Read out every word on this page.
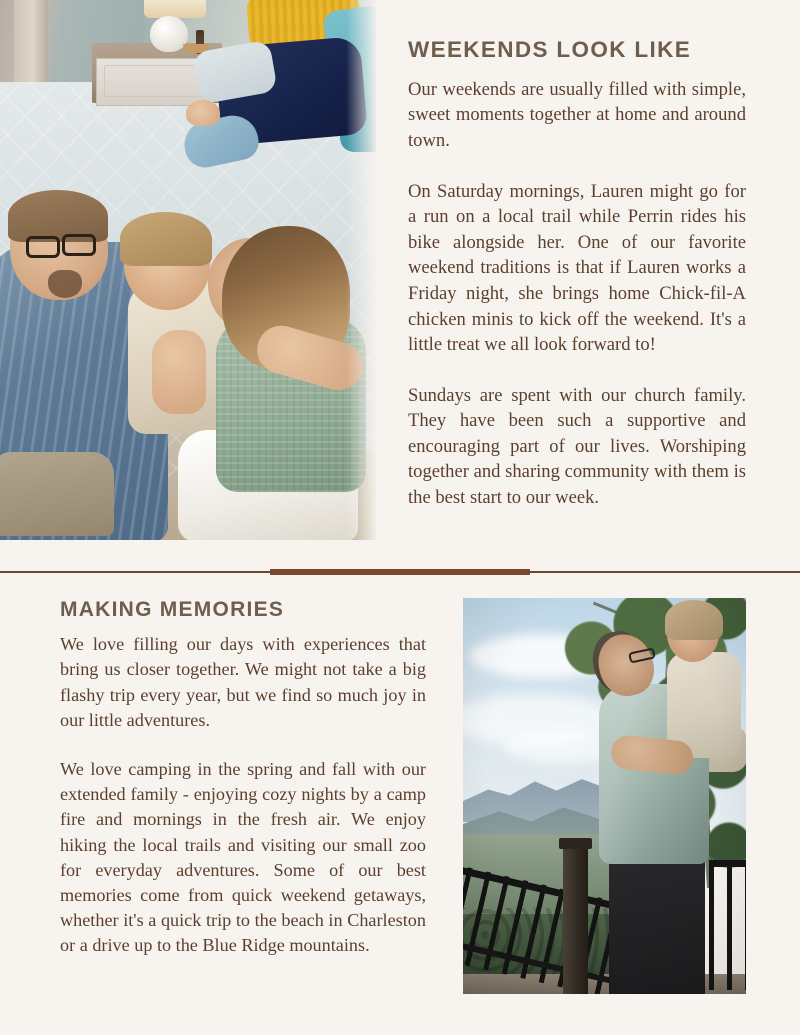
WEEKENDS LOOK LIKE

Our weekends are usually filled with simple, sweet moments together at home and around town.

On Saturday mornings, Lauren might go for a run on a local trail while Perrin rides his bike alongside her. One of our favorite weekend traditions is that if Lauren works a Friday night, she brings home Chick-fil-A chicken minis to kick off the weekend. It's a little treat we all look forward to!

Sundays are spent with our church family. They have been such a supportive and encouraging part of our lives. Worshiping together and sharing community with them is the best start to our week.

MAKING MEMORIES

We love filling our days with experiences that bring us closer together. We might not take a big flashy trip every year, but we find so much joy in our little adventures.

We love camping in the spring and fall with our extended family - enjoying cozy nights by a camp fire and mornings in the fresh air. We enjoy hiking the local trails and visiting our small zoo for everyday adventures. Some of our best memories come from quick weekend getaways, whether it's a quick trip to the beach in Charleston or a drive up to the Blue Ridge mountains.
